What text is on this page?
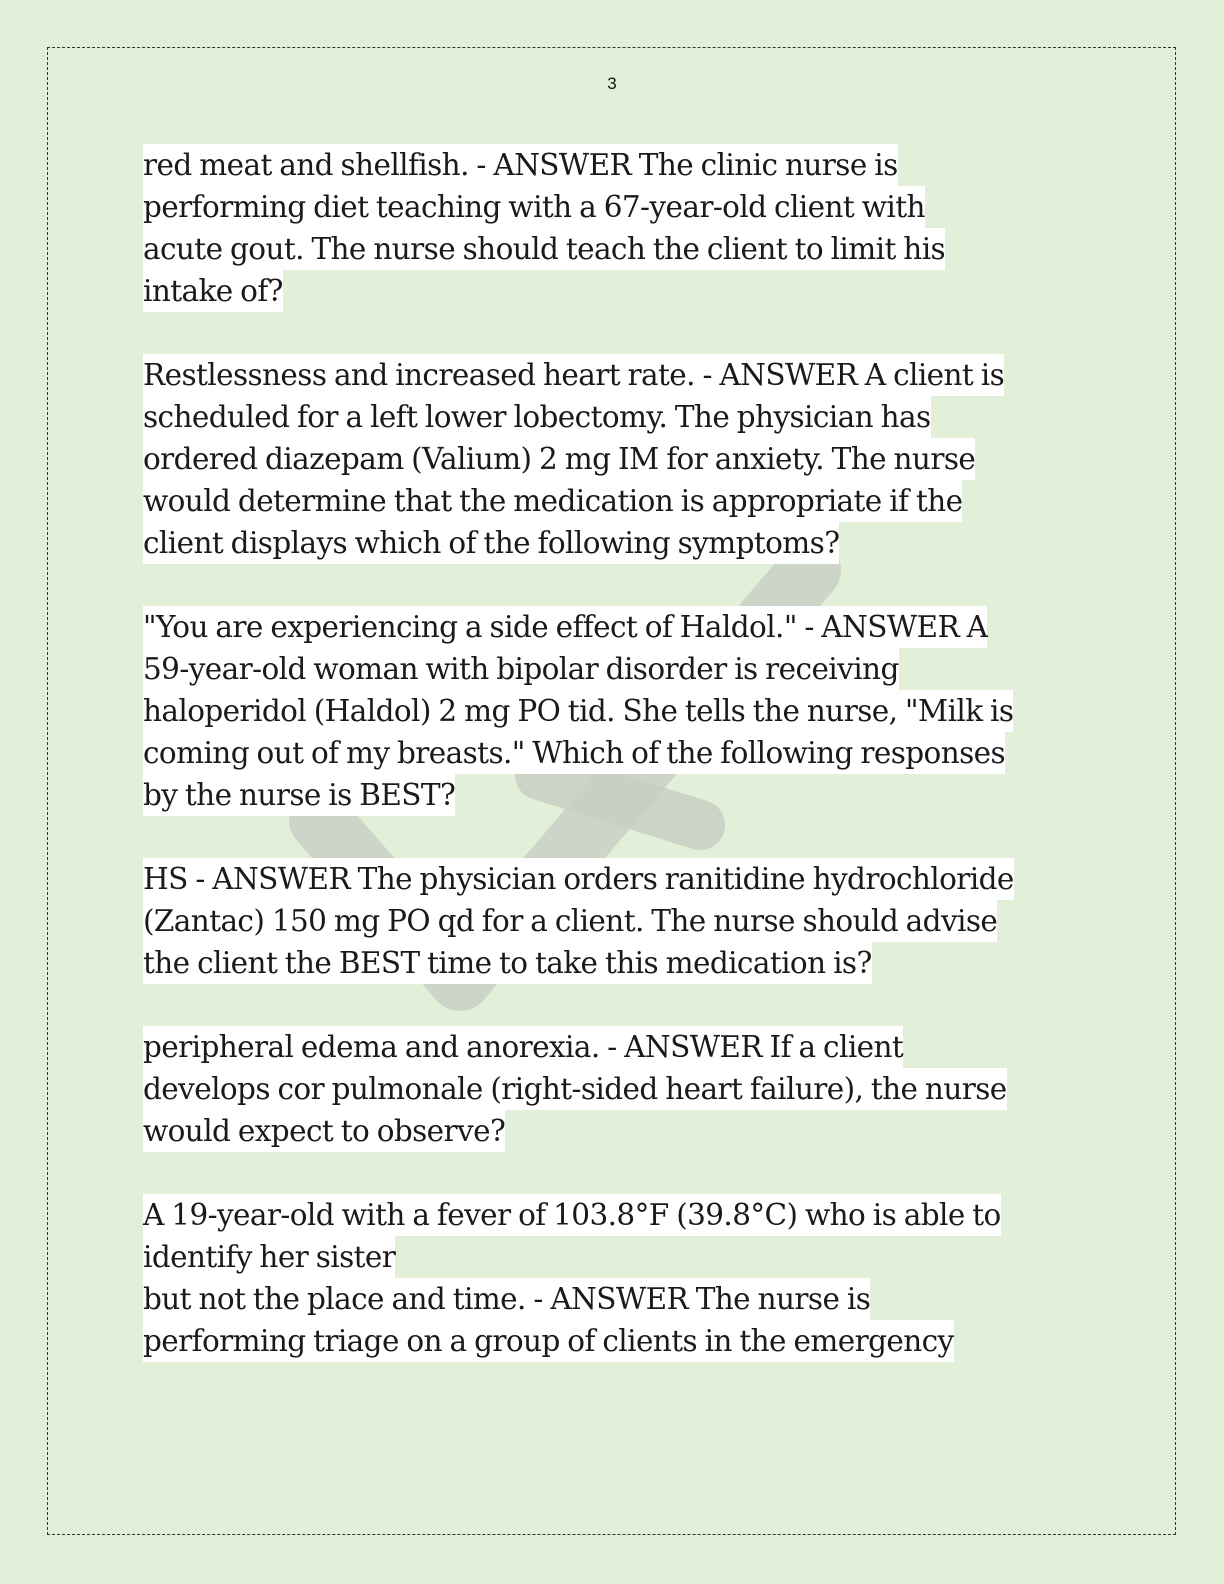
3
red meat and shellfish. - ANSWER The clinic nurse is
performing diet teaching with a 67-year-old client with
acute gout. The nurse should teach the client to limit his
intake of?
Restlessness and increased heart rate. - ANSWER A client is
scheduled for a left lower lobectomy. The physician has
ordered diazepam (Valium) 2 mg IM for anxiety. The nurse
would determine that the medication is appropriate if the
client displays which of the following symptoms?
"You are experiencing a side effect of Haldol." - ANSWER A
59-year-old woman with bipolar disorder is receiving
haloperidol (Haldol) 2 mg PO tid. She tells the nurse, "Milk is
coming out of my breasts." Which of the following responses
by the nurse is BEST?
HS - ANSWER The physician orders ranitidine hydrochloride
(Zantac) 150 mg PO qd for a client. The nurse should advise
the client the BEST time to take this medication is?
peripheral edema and anorexia. - ANSWER If a client
develops cor pulmonale (right-sided heart failure), the nurse
would expect to observe?
A 19-year-old with a fever of 103.8°F (39.8°C) who is able to
identify her sister
but not the place and time. - ANSWER The nurse is
performing triage on a group of clients in the emergency
